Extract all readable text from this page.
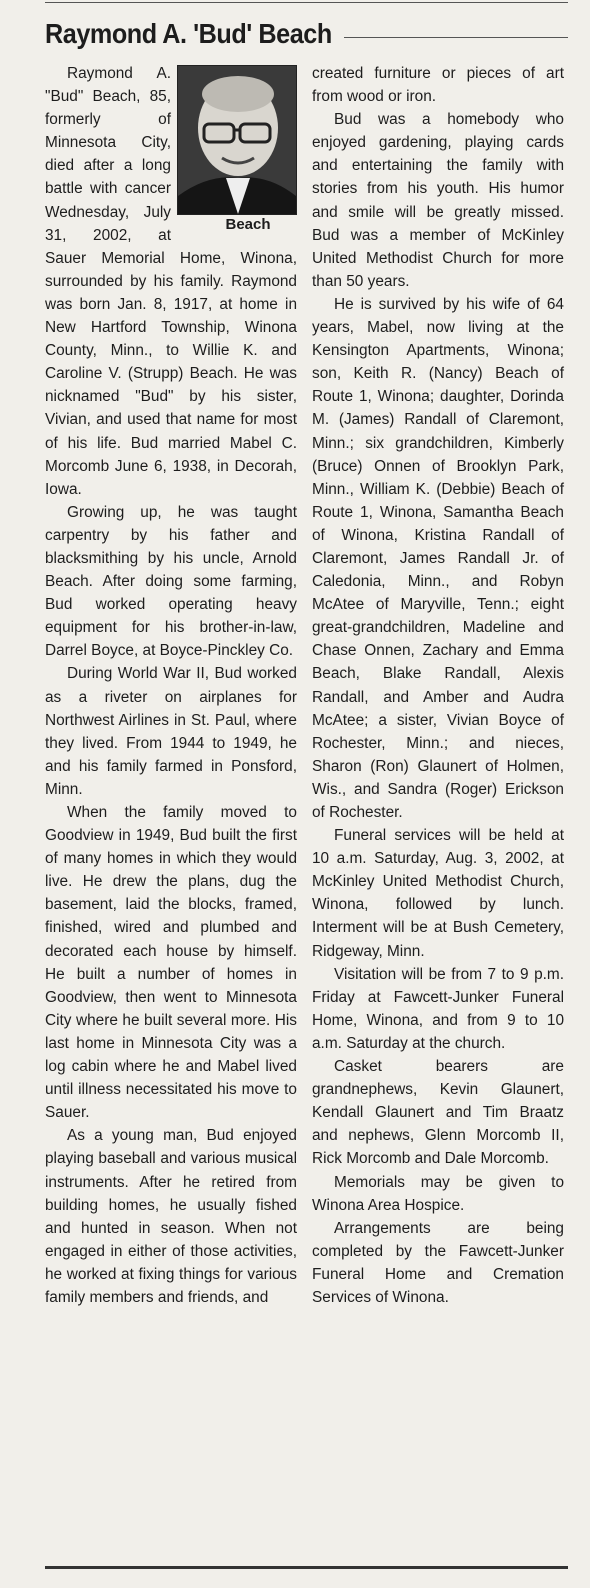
Raymond A. 'Bud' Beach

Beach
Raymond A. "Bud" Beach, 85, formerly of Minnesota City, died after a long battle with cancer Wednesday, July 31, 2002, at Sauer Memorial Home, Winona, surrounded by his family. Raymond was born Jan. 8, 1917, at home in New Hartford Township, Winona County, Minn., to Willie K. and Caroline V. (Strupp) Beach. He was nicknamed "Bud" by his sister, Vivian, and used that name for most of his life. Bud married Mabel C. Morcomb June 6, 1938, in Decorah, Iowa.

Growing up, he was taught carpentry by his father and blacksmithing by his uncle, Arnold Beach. After doing some farming, Bud worked operating heavy equipment for his brother-in-law, Darrel Boyce, at Boyce-Pinckley Co.

During World War II, Bud worked as a riveter on airplanes for Northwest Airlines in St. Paul, where they lived. From 1944 to 1949, he and his family farmed in Ponsford, Minn.

When the family moved to Goodview in 1949, Bud built the first of many homes in which they would live. He drew the plans, dug the basement, laid the blocks, framed, finished, wired and plumbed and decorated each house by himself. He built a number of homes in Goodview, then went to Minnesota City where he built several more. His last home in Minnesota City was a log cabin where he and Mabel lived until illness necessitated his move to Sauer.

As a young man, Bud enjoyed playing baseball and various musical instruments. After he retired from building homes, he usually fished and hunted in season. When not engaged in either of those activities, he worked at fixing things for various family members and friends, and

created furniture or pieces of art from wood or iron.

Bud was a homebody who enjoyed gardening, playing cards and entertaining the family with stories from his youth. His humor and smile will be greatly missed. Bud was a member of McKinley United Methodist Church for more than 50 years.

He is survived by his wife of 64 years, Mabel, now living at the Kensington Apartments, Winona; son, Keith R. (Nancy) Beach of Route 1, Winona; daughter, Dorinda M. (James) Randall of Claremont, Minn.; six grandchildren, Kimberly (Bruce) Onnen of Brooklyn Park, Minn., William K. (Debbie) Beach of Route 1, Winona, Samantha Beach of Winona, Kristina Randall of Claremont, James Randall Jr. of Caledonia, Minn., and Robyn McAtee of Maryville, Tenn.; eight great-grandchildren, Madeline and Chase Onnen, Zachary and Emma Beach, Blake Randall, Alexis Randall, and Amber and Audra McAtee; a sister, Vivian Boyce of Rochester, Minn.; and nieces, Sharon (Ron) Glaunert of Holmen, Wis., and Sandra (Roger) Erickson of Rochester.

Funeral services will be held at 10 a.m. Saturday, Aug. 3, 2002, at McKinley United Methodist Church, Winona, followed by lunch. Interment will be at Bush Cemetery, Ridgeway, Minn.

Visitation will be from 7 to 9 p.m. Friday at Fawcett-Junker Funeral Home, Winona, and from 9 to 10 a.m. Saturday at the church.

Casket bearers are grandnephews, Kevin Glaunert, Kendall Glaunert and Tim Braatz and nephews, Glenn Morcomb II, Rick Morcomb and Dale Morcomb.

Memorials may be given to Winona Area Hospice.

Arrangements are being completed by the Fawcett-Junker Funeral Home and Cremation Services of Winona.
